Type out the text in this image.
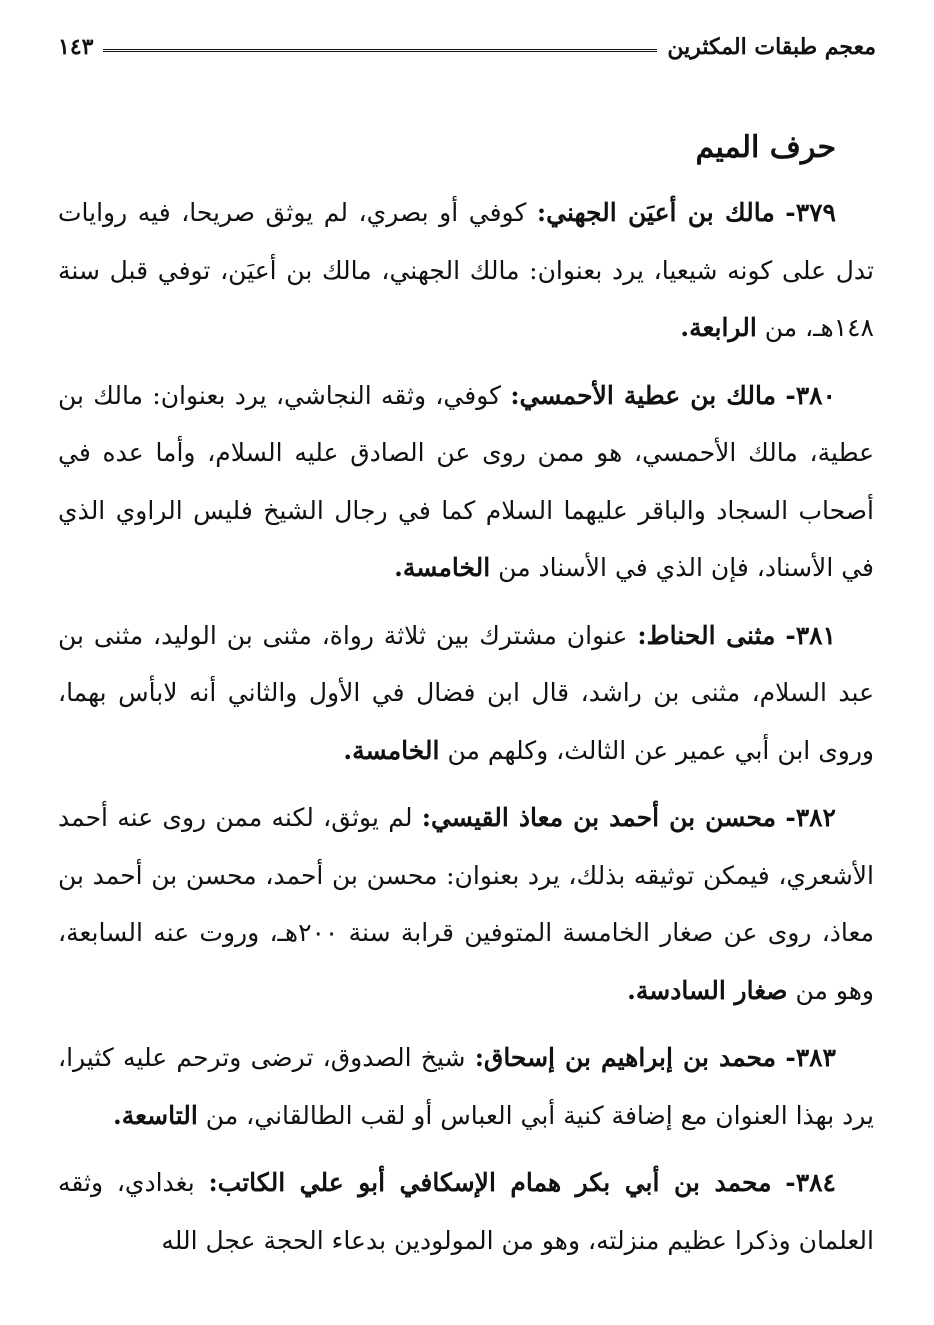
معجم طبقات المكثرين
١٤٣
حرف الميم

٣٧٩- مالك بن أعيَن الجهني: كوفي أو بصري، لم يوثق صريحا، فيه روايات تدل على كونه شيعيا، يرد بعنوان: مالك الجهني، مالك بن أعيَن، توفي قبل سنة ١٤٨هـ، من الرابعة.

٣٨٠- مالك بن عطية الأحمسي: كوفي، وثقه النجاشي، يرد بعنوان: مالك بن عطية، مالك الأحمسي، هو ممن روى عن الصادق عليه السلام، وأما عده في أصحاب السجاد والباقر عليهما السلام كما في رجال الشيخ فليس الراوي الذي في الأسناد، فإن الذي في الأسناد من الخامسة.

٣٨١- مثنى الحناط: عنوان مشترك بين ثلاثة رواة، مثنى بن الوليد، مثنى بن عبد السلام، مثنى بن راشد، قال ابن فضال في الأول والثاني أنه لابأس بهما، وروى ابن أبي عمير عن الثالث، وكلهم من الخامسة.

٣٨٢- محسن بن أحمد بن معاذ القيسي: لم يوثق، لكنه ممن روى عنه أحمد الأشعري، فيمكن توثيقه بذلك، يرد بعنوان: محسن بن أحمد، محسن بن أحمد بن معاذ، روى عن صغار الخامسة المتوفين قرابة سنة ٢٠٠هـ، وروت عنه السابعة، وهو من صغار السادسة.

٣٨٣- محمد بن إبراهيم بن إسحاق: شيخ الصدوق، ترضى وترحم عليه كثيرا، يرد بهذا العنوان مع إضافة كنية أبي العباس أو لقب الطالقاني، من التاسعة.

٣٨٤- محمد بن أبي بكر همام الإسكافي أبو علي الكاتب: بغدادي، وثقه العلمان وذكرا عظيم منزلته، وهو من المولودين بدعاء الحجة عجل الله
